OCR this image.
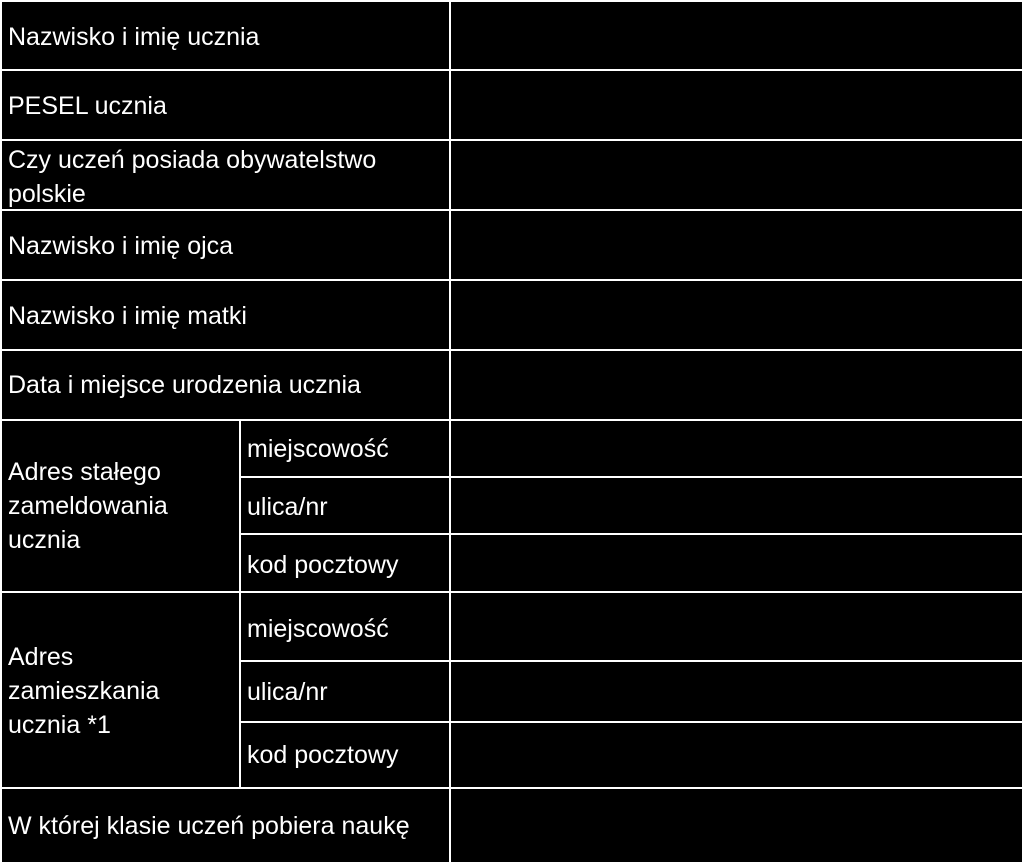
Nazwisko i imię ucznia
PESEL ucznia
Czy uczeń posiada obywatelstwo polskie
Nazwisko i imię ojca
Nazwisko i imię matki
Data i miejsce urodzenia ucznia
Adres stałego zameldowania ucznia
miejscowość
ulica/nr
kod pocztowy
Adres zamieszkania ucznia *1
miejscowość
ulica/nr
kod pocztowy
W której klasie uczeń pobiera naukę
